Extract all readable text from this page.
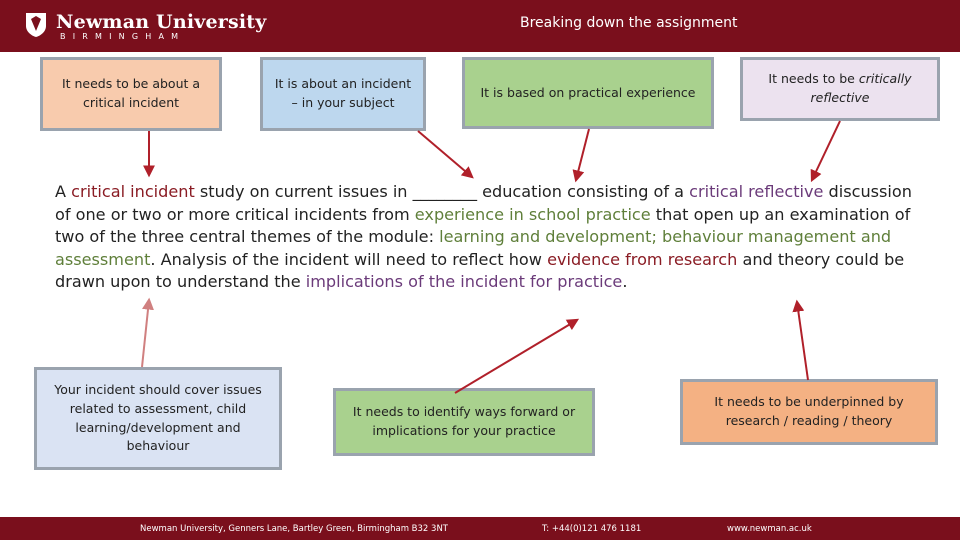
Newman University
BIRMINGHAM
Breaking down the assignment
It needs to be about a critical incident
It is about an incident – in your subject
It is based on practical experience
It needs to be critically reflective
A critical incident study on current issues in ________ education consisting of a critical reflective discussion of one or two or more critical incidents from experience in school practice that open up an examination of two of the three central themes of the module: learning and development; behaviour management and assessment. Analysis of the incident will need to reflect how evidence from research and theory could be drawn upon to understand the implications of the incident for practice.
Your incident should cover issues related to assessment, child learning/development and behaviour
It needs to identify ways forward or implications for your practice
It needs to be underpinned by research / reading / theory
Newman University, Genners Lane, Bartley Green, Birmingham B32 3NT	T: +44(0)121 476 1181	www.newman.ac.uk
